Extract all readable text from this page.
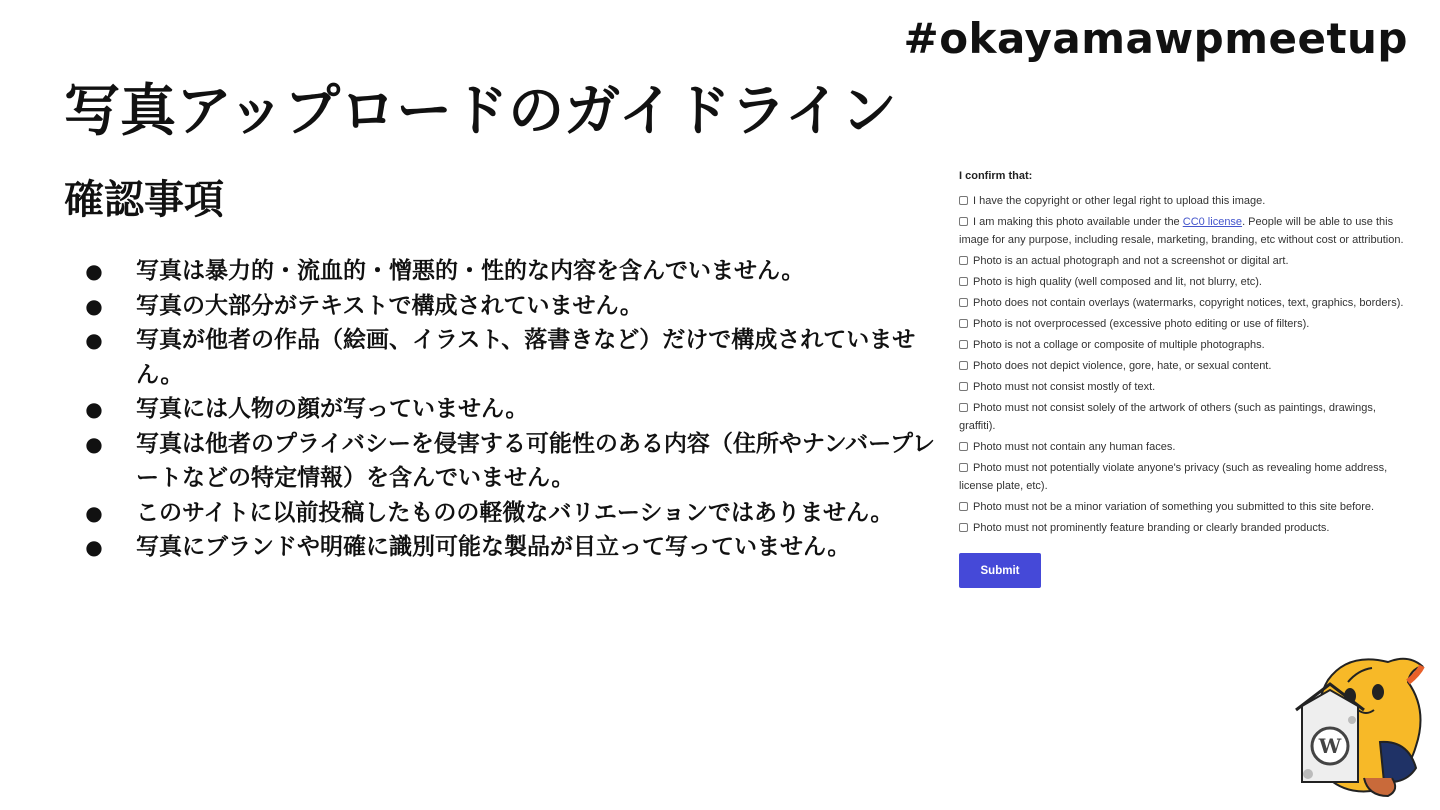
#okayamawpmeetup
写真アップロードのガイドライン
確認事項
● 写真は暴力的・流血的・憎悪的・性的な内容を含んでいません。
● 写真の大部分がテキストで構成されていません。
● 写真が他者の作品（絵画、イラスト、落書きなど）だけで構成されていません。
● 写真には人物の顔が写っていません。
● 写真は他者のプライバシーを侵害する可能性のある内容（住所やナンバープレートなどの特定情報）を含んでいません。
● このサイトに以前投稿したものの軽微なバリエーションではありません。
● 写真にブランドや明確に識別可能な製品が目立って写っていません。
I confirm that:
I have the copyright or other legal right to upload this image.
I am making this photo available under the CC0 license. People will be able to use this image for any purpose, including resale, marketing, branding, etc without cost or attribution.
Photo is an actual photograph and not a screenshot or digital art.
Photo is high quality (well composed and lit, not blurry, etc).
Photo does not contain overlays (watermarks, copyright notices, text, graphics, borders).
Photo is not overprocessed (excessive photo editing or use of filters).
Photo is not a collage or composite of multiple photographs.
Photo does not depict violence, gore, hate, or sexual content.
Photo must not consist mostly of text.
Photo must not consist solely of the artwork of others (such as paintings, drawings, graffiti).
Photo must not contain any human faces.
Photo must not potentially violate anyone's privacy (such as revealing home address, license plate, etc).
Photo must not be a minor variation of something you submitted to this site before.
Photo must not prominently feature branding or clearly branded products.
Submit
W
